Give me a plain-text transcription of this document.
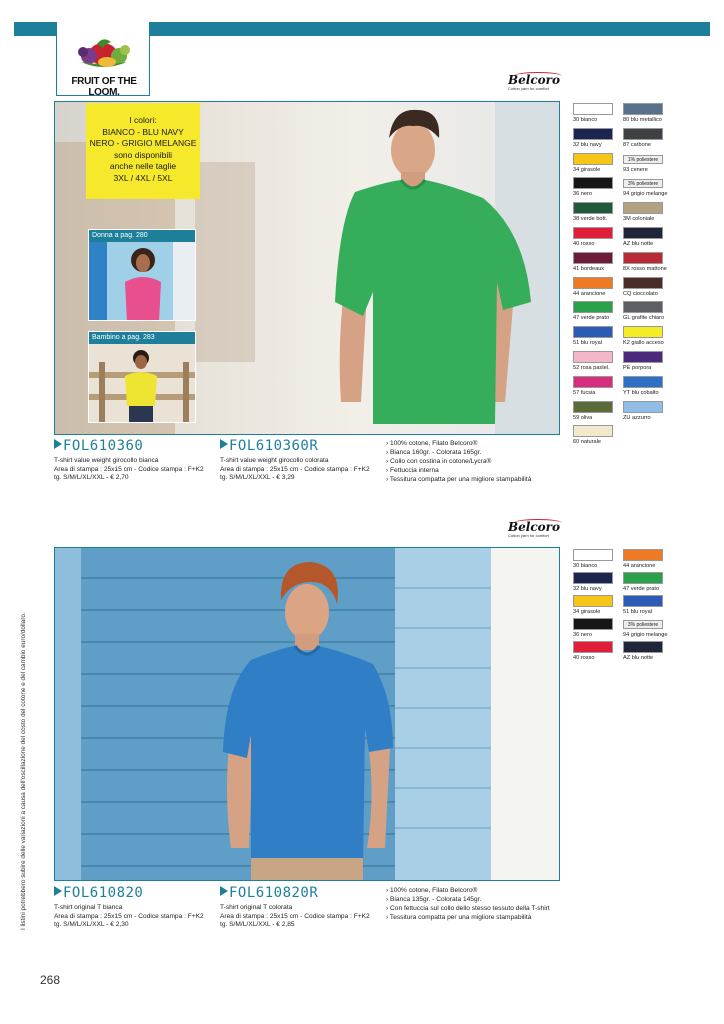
FRUIT OF THE LOOM.
Belcoro
Cotton yarn for comfort
Belcoro
Cotton yarn for comfort
I colori:
BIANCO - BLU NAVY
NERO - GRIGIO MELANGE
sono disponibili
anche nelle taglie
3XL / 4XL / 5XL
Donna a pag. 280
Bambino a pag. 283
FOL610360
T-shirt value weight girocollo bianca
Area di stampa : 25x15 cm - Codice stampa : F+K2
tg. S/M/L/XL/XXL - € 2,70
FOL610360R
T-shirt value weight girocollo colorata
Area di stampa : 25x15 cm - Codice stampa : F+K2
tg. S/M/L/XL/XXL - € 3,29
› 100% cotone, Filato Belcoro®
› Bianca 160gr. - Colorata 165gr.
› Collo con costina in cotone/Lycra®
› Fettuccia interna
› Tessitura compatta per una migliore stampabilità
30 bianco
32 blu navy
34 girasole
36 nero
38 verde bott.
40 rosso
41 bordeaux
44 arancione
47 verde prato
51 blu royal
52 rosa pastel.
57 fucsia
59 oliva
60 naturale
80 blu metallico
87 carbone
1% poliestere
93 cenere
3% poliestere
94 grigio melange
3M coloniale
AZ blu notte
8X rosso mattone
CQ cioccolato
GL grafite chiaro
K2 giallo acceso
PE porpora
YT blu cobalto
ZU azzurro
FOL610820
T-shirt original T bianca
Area di stampa : 25x15 cm - Codice stampa : F+K2
tg. S/M/L/XL/XXL - € 2,30
FOL610820R
T-shirt original T colorata
Area di stampa : 25x15 cm - Codice stampa : F+K2
tg. S/M/L/XL/XXL - € 2,85
› 100% cotone, Filato Belcoro®
› Bianca 135gr. - Colorata 145gr.
› Con fettuccia sul collo dello stesso tessuto della T-shirt
› Tessitura compatta per una migliore stampabilità
30 bianco
32 blu navy
34 girasole
36 nero
40 rosso
44 arancione
47 verde prato
51 blu royal
3% poliestere
94 grigio melange
AZ blu notte
I listini potrebbero subire delle variazioni a causa dell'oscillazione del costo del cotone e del cambio euro/dollaro.
268
